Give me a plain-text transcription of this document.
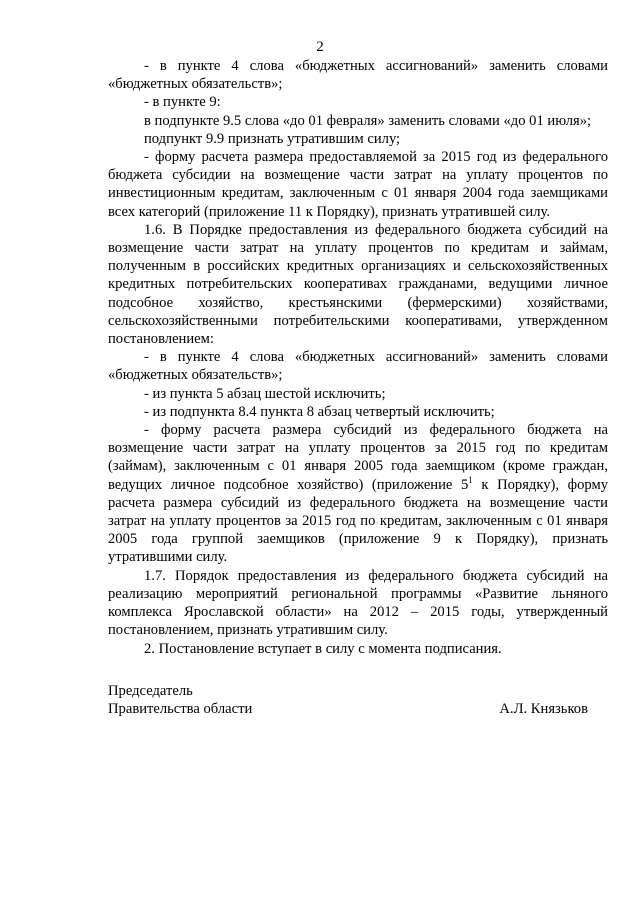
2

- в пункте 4 слова «бюджетных ассигнований» заменить словами «бюджетных обязательств»;

- в пункте 9:

в подпункте 9.5 слова «до 01 февраля» заменить словами «до 01 июля»;

подпункт 9.9 признать утратившим силу;

- форму расчета размера предоставляемой за 2015 год из федерального бюджета субсидии на возмещение части затрат на уплату процентов по инвестиционным кредитам, заключенным с 01 января 2004 года заемщиками всех категорий (приложение 11 к Порядку), признать утратившей силу.

1.6. В Порядке предоставления из федерального бюджета субсидий на возмещение части затрат на уплату процентов по кредитам и займам, полученным в российских кредитных организациях и сельскохозяйственных кредитных потребительских кооперативах гражданами, ведущими личное подсобное хозяйство, крестьянскими (фермерскими) хозяйствами, сельскохозяйственными потребительскими кооперативами, утвержденном постановлением:

- в пункте 4 слова «бюджетных ассигнований» заменить словами «бюджетных обязательств»;

- из пункта 5 абзац шестой исключить;

- из подпункта 8.4 пункта 8 абзац четвертый исключить;

- форму расчета размера субсидий из федерального бюджета на возмещение части затрат на уплату процентов за 2015 год по кредитам (займам), заключенным с 01 января 2005 года заемщиком (кроме граждан, ведущих личное подсобное хозяйство) (приложение $5^1$ к Порядку), форму расчета размера субсидий из федерального бюджета на возмещение части затрат на уплату процентов за 2015 год по кредитам, заключенным с 01 января 2005 года группой заемщиков (приложение 9 к Порядку), признать утратившими силу.

1.7. Порядок предоставления из федерального бюджета субсидий на реализацию мероприятий региональной программы «Развитие льняного комплекса Ярославской области» на 2012 – 2015 годы, утвержденный постановлением, признать утратившим силу.

2. Постановление вступает в силу с момента подписания.

Председатель
Правительства области	А.Л. Князьков
